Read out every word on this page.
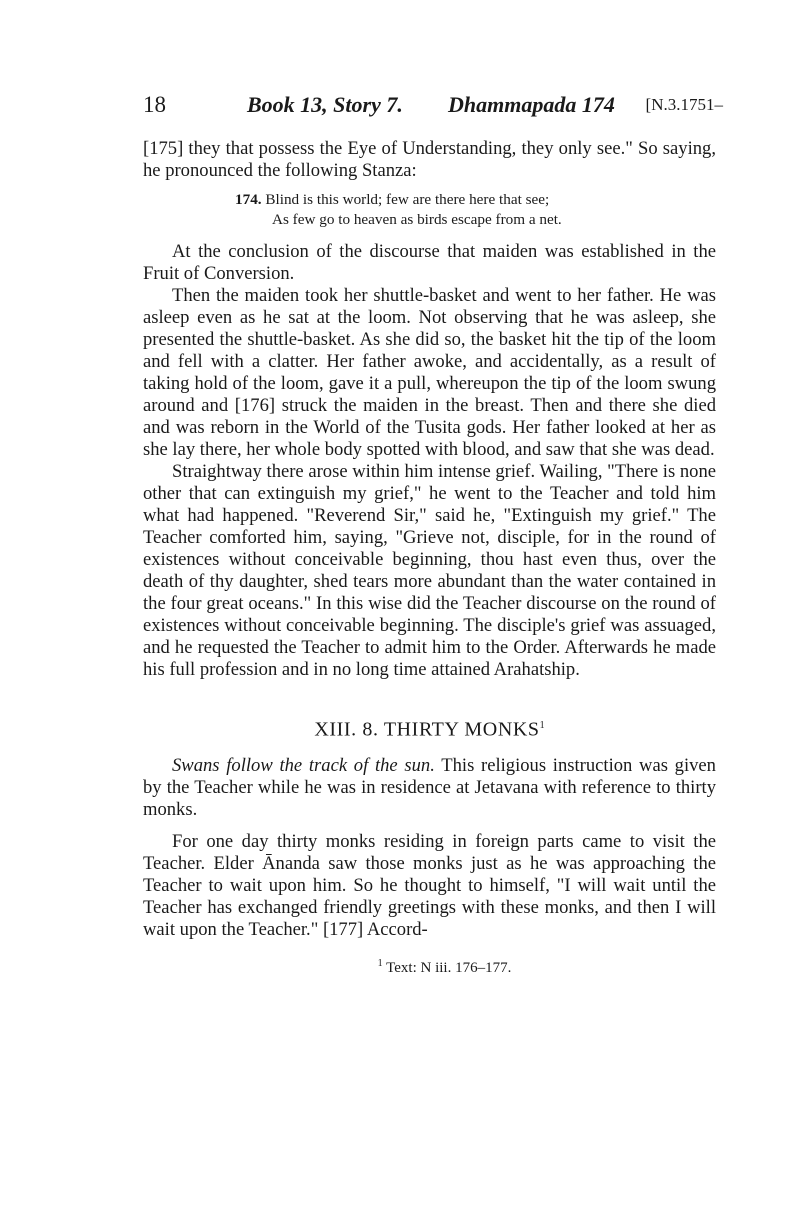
18	Book 13, Story 7. Dhammapada 174 [N.3.1751–

[175] they that possess the Eye of Understanding, they only see." So saying, he pronounced the following Stanza:

174. Blind is this world; few are there here that see;
As few go to heaven as birds escape from a net.

At the conclusion of the discourse that maiden was established in the Fruit of Conversion.

Then the maiden took her shuttle-basket and went to her father. He was asleep even as he sat at the loom. Not observing that he was asleep, she presented the shuttle-basket. As she did so, the basket hit the tip of the loom and fell with a clatter. Her father awoke, and accidentally, as a result of taking hold of the loom, gave it a pull, whereupon the tip of the loom swung around and [176] struck the maiden in the breast. Then and there she died and was reborn in the World of the Tusita gods. Her father looked at her as she lay there, her whole body spotted with blood, and saw that she was dead.

Straightway there arose within him intense grief. Wailing, "There is none other that can extinguish my grief," he went to the Teacher and told him what had happened. "Reverend Sir," said he, "Extinguish my grief." The Teacher comforted him, saying, "Grieve not, disciple, for in the round of existences without conceivable beginning, thou hast even thus, over the death of thy daughter, shed tears more abundant than the water contained in the four great oceans." In this wise did the Teacher discourse on the round of existences without conceivable beginning. The disciple's grief was assuaged, and he requested the Teacher to admit him to the Order. Afterwards he made his full profession and in no long time attained Arahatship.

XIII. 8. THIRTY MONKS$^1$

Swans follow the track of the sun. This religious instruction was given by the Teacher while he was in residence at Jetavana with reference to thirty monks.

For one day thirty monks residing in foreign parts came to visit the Teacher. Elder Ānanda saw those monks just as he was approaching the Teacher to wait upon him. So he thought to himself, "I will wait until the Teacher has exchanged friendly greetings with these monks, and then I will wait upon the Teacher." [177] Accord-

$^1$ Text: N iii. 176–177.
